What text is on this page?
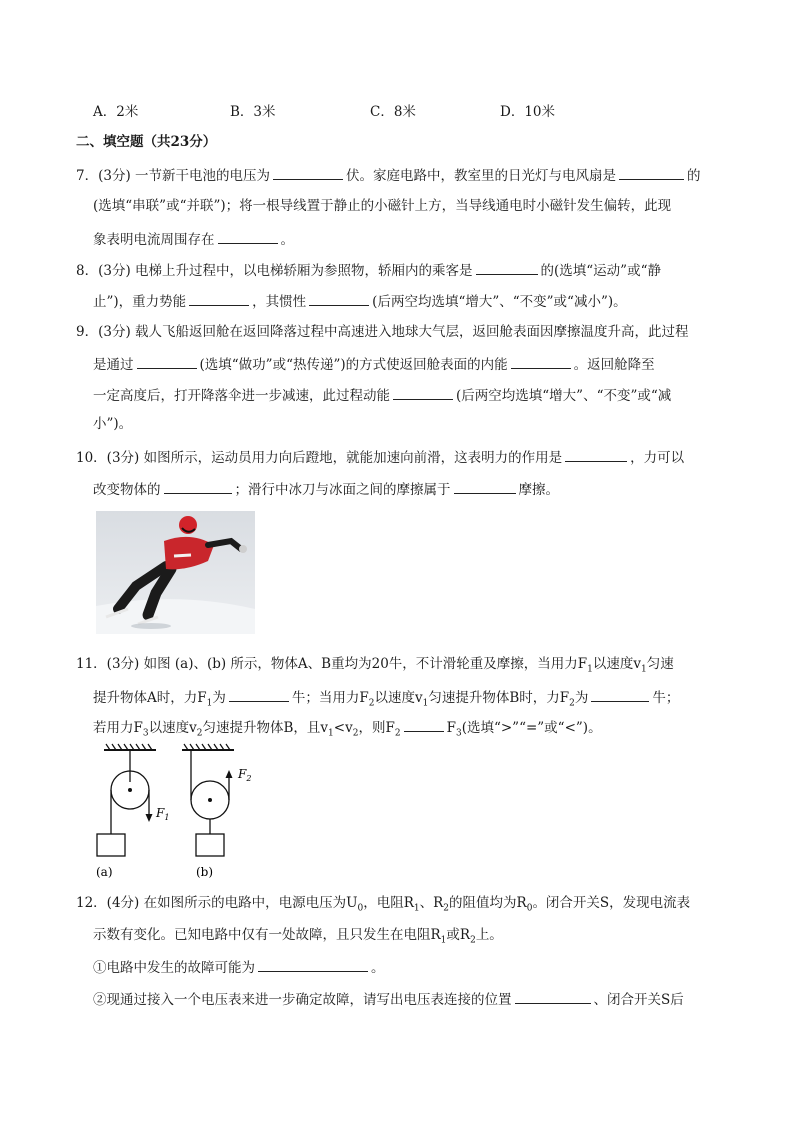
A．2米	B．3米	C．8米	D．10米
二、填空题（共23分）
7．(3分) 一节新干电池的电压为	伏。家庭电路中，教室里的日光灯与电风扇是	的
(选填“串联”或“并联”)；将一根导线置于静止的小磁针上方，当导线通电时小磁针发生偏转，此现
象表明电流周围存在	。
8．(3分) 电梯上升过程中，以电梯轿厢为参照物，轿厢内的乘客是	的(选填“运动”或“静
止”)，重力势能	，其惯性	(后两空均选填“增大”、“不变”或“减小”)。
9．(3分) 载人飞船返回舱在返回降落过程中高速进入地球大气层，返回舱表面因摩擦温度升高，此过程
是通过	(选填“做功”或“热传递”)的方式使返回舱表面的内能	。返回舱降至
一定高度后，打开降落伞进一步减速，此过程动能	(后两空均选填“增大”、“不变”或“减
小”)。
10．(3分) 如图所示，运动员用力向后蹬地，就能加速向前滑，这表明力的作用是	，力可以
改变物体的	；滑行中冰刀与冰面之间的摩擦属于	摩擦。
11．(3分) 如图 (a)、(b) 所示，物体A、B重均为20牛，不计滑轮重及摩擦，当用力$F_1$以速度$v_1$匀速
提升物体A时，力$F_1$为	牛；当用力$F_2$以速度$v_1$匀速提升物体B时，力$F_2$为	牛；
若用力$F_3$以速度$v_2$匀速提升物体B，且$v_1<v_2$，则$F_2$	$F_3$(选填“>”“=”或“<”)。
$F_1$
(a)
$F_2$
(b)
12．(4分) 在如图所示的电路中，电源电压为$U_0$，电阻$R_1$、$R_2$的阻值均为$R_0$。闭合开关S，发现电流表
示数有变化。已知电路中仅有一处故障，且只发生在电阻$R_1$或$R_2$上。
①电路中发生的故障可能为	。
②现通过接入一个电压表来进一步确定故障，请写出电压表连接的位置	、闭合开关S后
